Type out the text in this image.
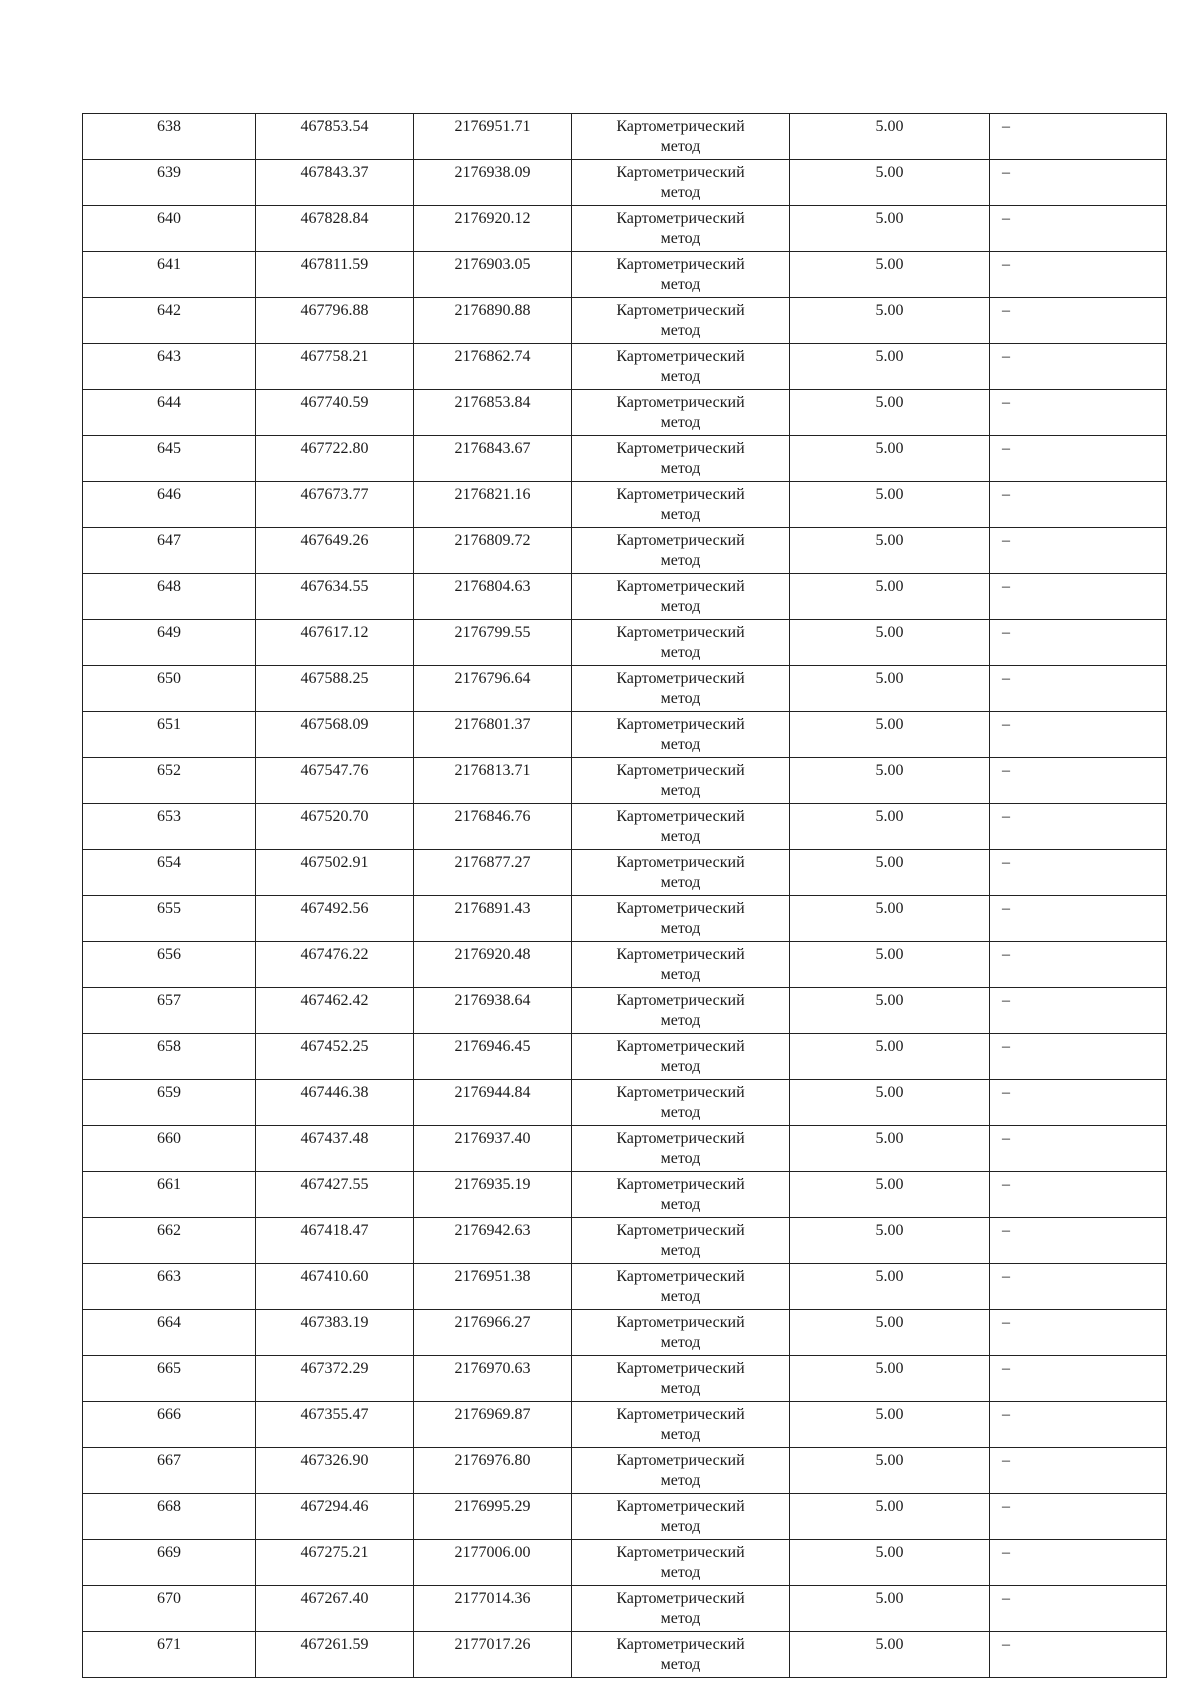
638	467853.54	2176951.71	Картометрический
метод	5.00	–
639	467843.37	2176938.09	Картометрический
метод	5.00	–
640	467828.84	2176920.12	Картометрический
метод	5.00	–
641	467811.59	2176903.05	Картометрический
метод	5.00	–
642	467796.88	2176890.88	Картометрический
метод	5.00	–
643	467758.21	2176862.74	Картометрический
метод	5.00	–
644	467740.59	2176853.84	Картометрический
метод	5.00	–
645	467722.80	2176843.67	Картометрический
метод	5.00	–
646	467673.77	2176821.16	Картометрический
метод	5.00	–
647	467649.26	2176809.72	Картометрический
метод	5.00	–
648	467634.55	2176804.63	Картометрический
метод	5.00	–
649	467617.12	2176799.55	Картометрический
метод	5.00	–
650	467588.25	2176796.64	Картометрический
метод	5.00	–
651	467568.09	2176801.37	Картометрический
метод	5.00	–
652	467547.76	2176813.71	Картометрический
метод	5.00	–
653	467520.70	2176846.76	Картометрический
метод	5.00	–
654	467502.91	2176877.27	Картометрический
метод	5.00	–
655	467492.56	2176891.43	Картометрический
метод	5.00	–
656	467476.22	2176920.48	Картометрический
метод	5.00	–
657	467462.42	2176938.64	Картометрический
метод	5.00	–
658	467452.25	2176946.45	Картометрический
метод	5.00	–
659	467446.38	2176944.84	Картометрический
метод	5.00	–
660	467437.48	2176937.40	Картометрический
метод	5.00	–
661	467427.55	2176935.19	Картометрический
метод	5.00	–
662	467418.47	2176942.63	Картометрический
метод	5.00	–
663	467410.60	2176951.38	Картометрический
метод	5.00	–
664	467383.19	2176966.27	Картометрический
метод	5.00	–
665	467372.29	2176970.63	Картометрический
метод	5.00	–
666	467355.47	2176969.87	Картометрический
метод	5.00	–
667	467326.90	2176976.80	Картометрический
метод	5.00	–
668	467294.46	2176995.29	Картометрический
метод	5.00	–
669	467275.21	2177006.00	Картометрический
метод	5.00	–
670	467267.40	2177014.36	Картометрический
метод	5.00	–
671	467261.59	2177017.26	Картометрический
метод	5.00	–
